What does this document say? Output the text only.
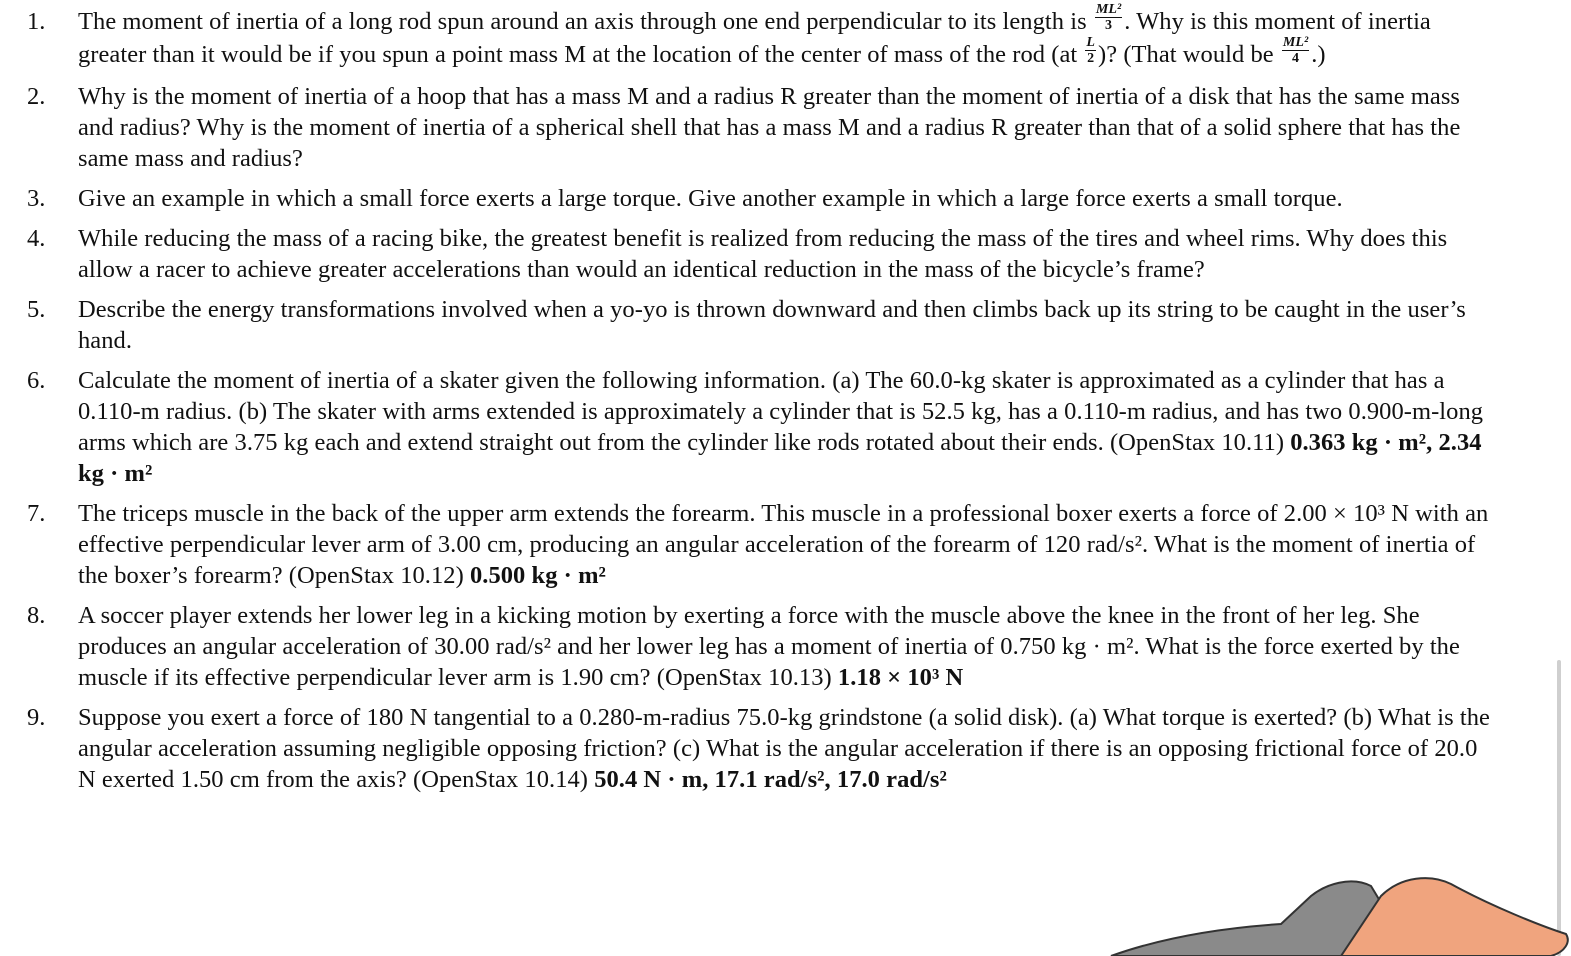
1. The moment of inertia of a long rod spun around an axis through one end perpendicular to its length is $\frac{\text{ML²}}{3}$ . Why is this moment of inertia greater than it would be if you spun a point mass M at the location of the center of mass of the rod ($at \frac{L}{2}$ )? (That would be $\frac{\text{ML²}}{4}$ .)
2. Why is the moment of inertia of a hoop that has a mass M and a radius R greater than the moment of inertia of a disk that has the same mass and radius? Why is the moment of inertia of a spherical shell that has a mass M and a radius R greater than that of a solid sphere that has the same mass and radius?
3. Give an example in which a small force exerts a large torque. Give another example in which a large force exerts a small torque.
4. While reducing the mass of a racing bike, the greatest benefit is realized from reducing the mass of the tires and wheel rims. Why does this allow a racer to achieve greater accelerations than would an identical reduction in the mass of the bicycle’s frame?
5. Describe the energy transformations involved when a yo-yo is thrown downward and then climbs back up its string to be caught in the user’s hand.
6. Calculate the moment of inertia of a skater given the following information. (a) The 60.0-kg skater is approximated as a cylinder that has a 0.110-m radius. (b) The skater with arms extended is approximately a cylinder that is 52.5 kg, has a 0.110-m radius, and has two 0.900-m-long arms which are 3.75 kg each and extend straight out from the cylinder like rods rotated about their ends. (OpenStax 10.11) 0.363 kg · m², 2.34 kg · m²
7. The triceps muscle in the back of the upper arm extends the forearm. This muscle in a professional boxer exerts a force of 2.00 × 10³ N with an effective perpendicular lever arm of 3.00 cm, producing an angular acceleration of the forearm of 120 rad/s². What is the moment of inertia of the boxer’s forearm? (OpenStax 10.12) 0.500 kg · m²
8. A soccer player extends her lower leg in a kicking motion by exerting a force with the muscle above the knee in the front of her leg. She produces an angular acceleration of 30.00 rad/s² and her lower leg has a moment of inertia of 0.750 kg · m². What is the force exerted by the muscle if its effective perpendicular lever arm is 1.90 cm? (OpenStax 10.13) 1.18 × 10³ N
9. Suppose you exert a force of 180 N tangential to a 0.280-m-radius 75.0-kg grindstone (a solid disk). (a) What torque is exerted? (b) What is the angular acceleration assuming negligible opposing friction? (c) What is the angular acceleration if there is an opposing frictional force of 20.0 N exerted 1.50 cm from the axis? (OpenStax 10.14) 50.4 N · m, 17.1 rad/s², 17.0 rad/s²
